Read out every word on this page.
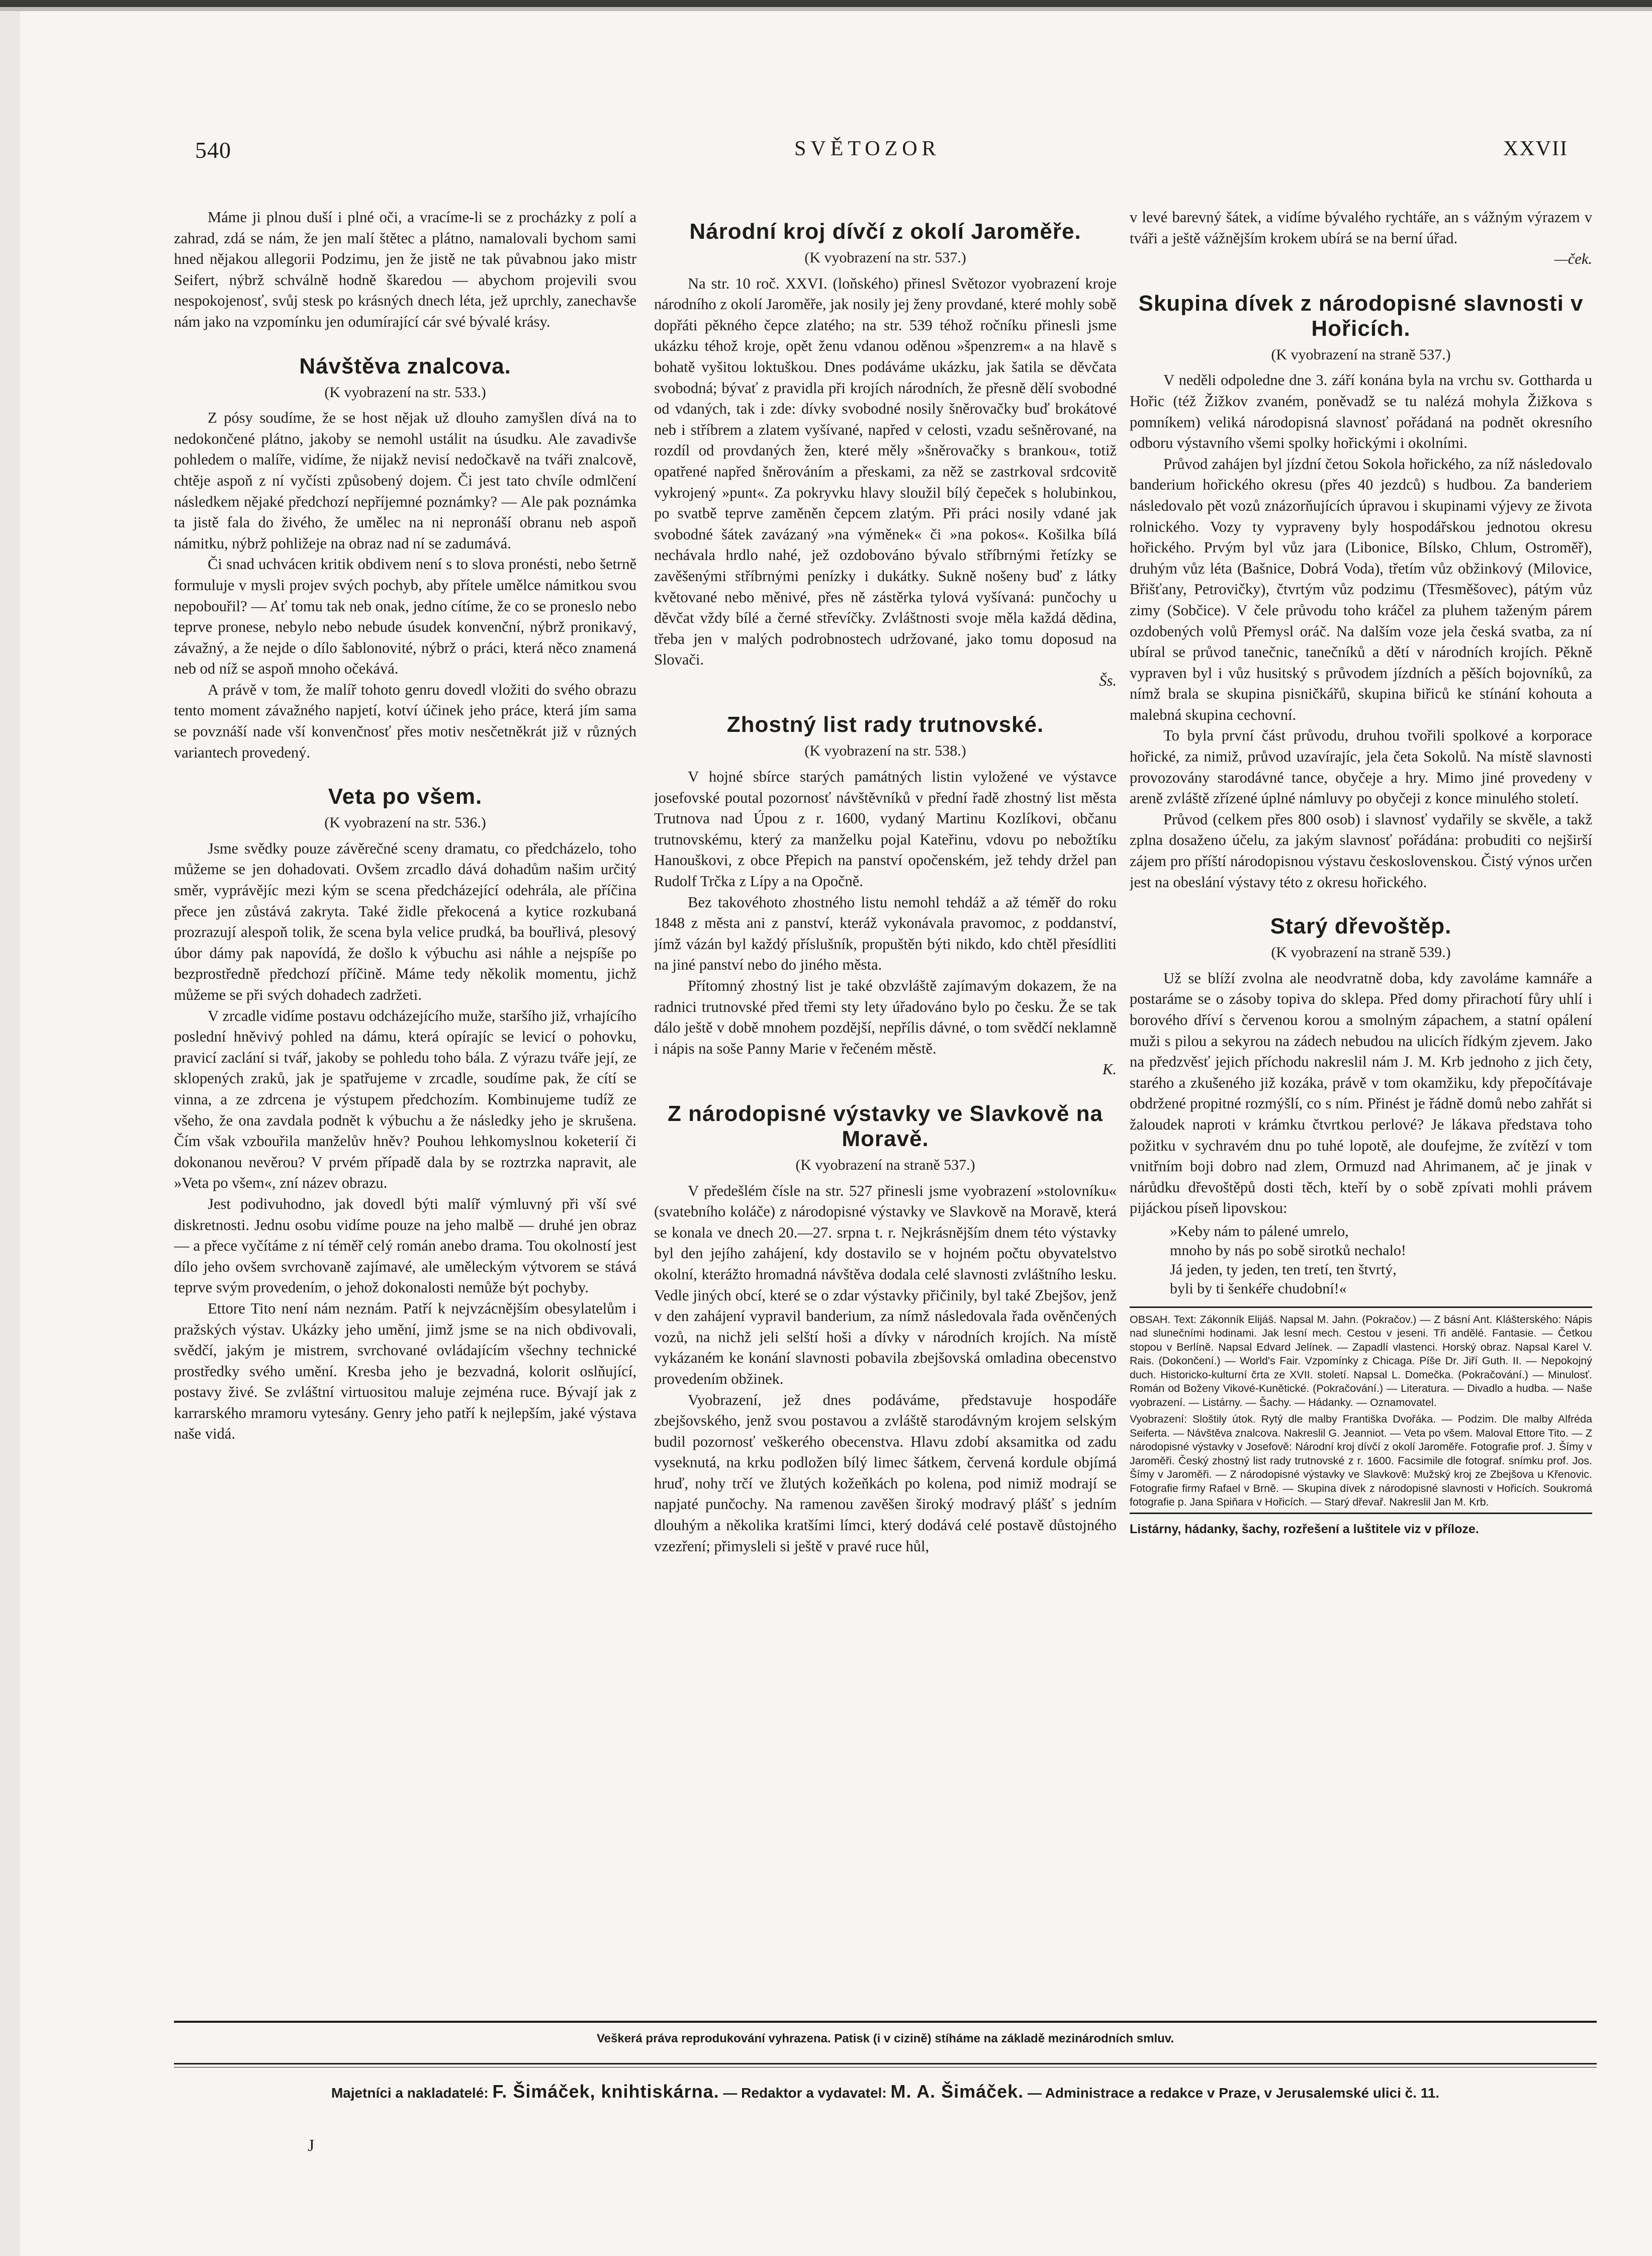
540	SVĚTOZOR	XXVII

Máme ji plnou duší i plné oči, a vracíme-li se z procházky z polí a zahrad, zdá se nám, že jen malí štětec a plátno, namalovali bychom sami hned nějakou allegorii Podzimu, jen že jistě ne tak půvabnou jako mistr Seifert, nýbrž schválně hodně škaredou — abychom projevili svou nespokojenosť, svůj stesk po krásných dnech léta, jež uprchly, zanechavše nám jako na vzpomínku jen odumírající cár své bývalé krásy.

Návštěva znalcova.
(K vyobrazení na str. 533.)

Z pósy soudíme, že se host nějak už dlouho zamyšlen dívá na to nedokončené plátno, jakoby se nemohl ustálit na úsudku. Ale zavadivše pohledem o malíře, vidíme, že nijakž nevisí nedočkavě na tváři znalcově, chtěje aspoň z ní vyčísti způsobený dojem. Či jest tato chvíle odmlčení následkem nějaké předchozí nepříjemné poznámky? — Ale pak poznámka ta jistě fala do živého, že umělec na ni nepronáší obranu neb aspoň námitku, nýbrž pohližeje na obraz nad ní se zadumává.

Či snad uchvácen kritik obdivem není s to slova pronésti, nebo šetrně formuluje v mysli projev svých pochyb, aby přítele umělce námitkou svou nepobouřil? — Ať tomu tak neb onak, jedno cítíme, že co se proneslo nebo teprve pronese, nebylo nebo nebude úsudek konvenční, nýbrž pronikavý, závažný, a že nejde o dílo šablonovité, nýbrž o práci, která něco znamená neb od níž se aspoň mnoho očekává.

A právě v tom, že malíř tohoto genru dovedl vložiti do svého obrazu tento moment závažného napjetí, kotví účinek jeho práce, která jím sama se povznáší nade vší konvenčnosť přes motiv nesčetněkrát již v různých variantech provedený.

Veta po všem.
(K vyobrazení na str. 536.)

Jsme svědky pouze závěrečné sceny dramatu, co předcházelo, toho můžeme se jen dohadovati. Ovšem zrcadlo dává dohadům našim určitý směr, vyprávějíc mezi kým se scena předcházející odehrála, ale příčina přece jen zůstává zakryta. Také židle překocená a kytice rozkubaná prozrazují alespoň tolik, že scena byla velice prudká, ba bouřlivá, plesový úbor dámy pak napovídá, že došlo k výbuchu asi náhle a nejspíše po bezprostředně předchozí příčině. Máme tedy několik momentu, jichž můžeme se při svých dohadech zadržeti.

V zrcadle vidíme postavu odcházejícího muže, staršího již, vrhajícího poslední hněvivý pohled na dámu, která opírajíc se levicí o pohovku, pravicí zaclání si tvář, jakoby se pohledu toho bála. Z výrazu tváře její, ze sklopených zraků, jak je spatřujeme v zrcadle, soudíme pak, že cítí se vinna, a ze zdrcena je výstupem předchozím. Kombinujeme tudíž ze všeho, že ona zavdala podnět k výbuchu a že následky jeho je skrušena. Čím však vzbouřila manželův hněv? Pouhou lehkomyslnou koketerií či dokonanou nevěrou? V prvém případě dala by se roztrzka napravit, ale »Veta po všem«, zní název obrazu.

Jest podivuhodno, jak dovedl býti malíř výmluvný při vší své diskretnosti. Jednu osobu vidíme pouze na jeho malbě — druhé jen obraz — a přece vyčítáme z ní téměř celý román anebo drama. Tou okolností jest dílo jeho ovšem svrchovaně zajímavé, ale uměleckým výtvorem se stává teprve svým provedením, o jehož dokonalosti nemůže být pochyby.

Ettore Tito není nám neznám. Patří k nejvzácnějším obesylatelům i pražských výstav. Ukázky jeho umění, jimž jsme se na nich obdivovali, svědčí, jakým je mistrem, svrchované ovládajícím všechny technické prostředky svého umění. Kresba jeho je bezvadná, kolorit oslňující, postavy živé. Se zvláštní virtuositou maluje zejména ruce. Bývají jak z karrarského mramoru vytesány. Genry jeho patří k nejlepším, jaké výstava naše vidá.

Národní kroj dívčí z okolí Jaroměře.
(K vyobrazení na str. 537.)

Na str. 10 roč. XXVI. (loňského) přinesl Světozor vyobrazení kroje národního z okolí Jaroměře, jak nosily jej ženy provdané, které mohly sobě dopřáti pěkného čepce zlatého; na str. 539 téhož ročníku přinesli jsme ukázku téhož kroje, opět ženu vdanou oděnou »špenzrem« a na hlavě s bohatě vyšitou loktuškou. Dnes podáváme ukázku, jak šatila se děvčata svobodná; bývať z pravidla při krojích národních, že přesně dělí svobodné od vdaných, tak i zde: dívky svobodné nosily šněrovačky buď brokátové neb i stříbrem a zlatem vyšívané, napřed v celosti, vzadu sešněrované, na rozdíl od provdaných žen, které měly »šněrovačky s brankou«, totiž opatřené napřed šněrováním a přeskami, za něž se zastrkoval srdcovitě vykrojený »punt«. Za pokryvku hlavy sloužil bílý čepeček s holubinkou, po svatbě teprve zaměněn čepcem zlatým. Při práci nosily vdané jak svobodné šátek zavázaný »na výměnek« či »na pokos«. Košilka bílá nechávala hrdlo nahé, jež ozdobováno bývalo stříbrnými řetízky se zavěšenými stříbrnými penízky i dukátky. Sukně nošeny buď z látky květované nebo měnivé, přes ně zástěrka tylová vyšívaná: punčochy u děvčat vždy bílé a černé střevíčky. Zvláštnosti svoje měla každá dědina, třeba jen v malých podrobnostech udržované, jako tomu doposud na Slovači.

Šs.
Zhostný list rady trutnovské.
(K vyobrazení na str. 538.)

V hojné sbírce starých památných listin vyložené ve výstavce josefovské poutal pozornosť návštěvníků v přední řadě zhostný list města Trutnova nad Úpou z r. 1600, vydaný Martinu Kozlíkovi, občanu trutnovskému, který za manželku pojal Kateřinu, vdovu po nebožtíku Hanouškovi, z obce Přepich na panství opočenském, jež tehdy držel pan Rudolf Trčka z Lípy a na Opočně.

Bez takovéhoto zhostného listu nemohl tehdáž a až téměř do roku 1848 z města ani z panství, kteráž vykonávala pravomoc, z poddanství, jímž vázán byl každý příslušník, propuštěn býti nikdo, kdo chtěl přesídliti na jiné panství nebo do jiného města.

Přítomný zhostný list je také obzvláště zajímavým dokazem, že na radnici trutnovské před třemi sty lety úřadováno bylo po česku. Že se tak dálo ještě v době mnohem pozdější, nepřílis dávné, o tom svědčí neklamně i nápis na soše Panny Marie v řečeném městě.

K.
Z národopisné výstavky ve Slavkově na Moravě.
(K vyobrazení na straně 537.)

V předešlém čísle na str. 527 přinesli jsme vyobrazení »stolovníku« (svatebního koláče) z národopisné výstavky ve Slavkově na Moravě, která se konala ve dnech 20.—27. srpna t. r. Nejkrásnějším dnem této výstavky byl den jejího zahájení, kdy dostavilo se v hojném počtu obyvatelstvo okolní, kterážto hromadná návštěva dodala celé slavnosti zvláštního lesku. Vedle jiných obcí, které se o zdar výstavky přičinily, byl také Zbejšov, jenž v den zahájení vypravil banderium, za nímž následovala řada ověnčených vozů, na nichž jeli selští hoši a dívky v národních krojích. Na místě vykázaném ke konání slavnosti pobavila zbejšovská omladina obecenstvo provedením obžinek.

Vyobrazení, jež dnes podáváme, představuje hospodáře zbejšovského, jenž svou postavou a zvláště starodávným krojem selským budil pozornosť veškerého obecenstva. Hlavu zdobí aksamitka od zadu vyseknutá, na krku podložen bílý limec šátkem, červená kordule objímá hruď, nohy trčí ve žlutých kožeňkách po kolena, pod nimiž modrají se napjaté punčochy. Na ramenou zavěšen široký modravý plášť s jedním dlouhým a několika kratšími límci, který dodává celé postavě důstojného vzezření; přimysleli si ještě v pravé ruce hůl,

v levé barevný šátek, a vidíme bývalého rychtáře, an s vážným výrazem v tváři a ještě vážnějším krokem ubírá se na berní úřad.

—ček.
Skupina dívek z národopisné slavnosti v Hořicích.
(K vyobrazení na straně 537.)

V neděli odpoledne dne 3. září konána byla na vrchu sv. Gottharda u Hořic (též Žižkov zvaném, poněvadž se tu nalézá mohyla Žižkova s pomníkem) veliká národopisná slavnosť pořádaná na podnět okresního odboru výstavního všemi spolky hořickými i okolními.

Průvod zahájen byl jízdní četou Sokola hořického, za níž následovalo banderium hořického okresu (přes 40 jezdců) s hudbou. Za banderiem následovalo pět vozů znázorňujících úpravou i skupinami výjevy ze života rolnického. Vozy ty vypraveny byly hospodářskou jednotou okresu hořického. Prvým byl vůz jara (Libonice, Bílsko, Chlum, Ostroměř), druhým vůz léta (Bašnice, Dobrá Voda), třetím vůz obžinkový (Milovice, Břišťany, Petrovičky), čtvrtým vůz podzimu (Třesměšovec), pátým vůz zimy (Sobčice). V čele průvodu toho kráčel za pluhem taženým párem ozdobených volů Přemysl oráč. Na dalším voze jela česká svatba, za ní ubíral se průvod tanečnic, tanečníků a dětí v národních krojích. Pěkně vypraven byl i vůz husitský s průvodem jízdních a pěších bojovníků, za nímž brala se skupina pisničkářů, skupina biřiců ke stínání kohouta a malebná skupina cechovní.

To byla první část průvodu, druhou tvořili spolkové a korporace hořické, za nimiž, průvod uzavírajíc, jela četa Sokolů. Na místě slavnosti provozovány starodávné tance, obyčeje a hry. Mimo jiné provedeny v areně zvláště zřízené úplné námluvy po obyčeji z konce minulého století.

Průvod (celkem přes 800 osob) i slavnosť vydařily se skvěle, a takž zplna dosaženo účelu, za jakým slavnosť pořádána: probuditi co nejširší zájem pro příští národopisnou výstavu československou. Čistý výnos určen jest na obeslání výstavy této z okresu hořického.

Starý dřevoštěp.
(K vyobrazení na straně 539.)

Už se blíží zvolna ale neodvratně doba, kdy zavoláme kamnáře a postaráme se o zásoby topiva do sklepa. Před domy přirachotí fůry uhlí i borového dříví s červenou korou a smolným zápachem, a statní opálení muži s pilou a sekyrou na zádech nebudou na ulicích řídkým zjevem. Jako na předzvěsť jejich příchodu nakreslil nám J. M. Krb jednoho z jich čety, starého a zkušeného již kozáka, právě v tom okamžiku, kdy přepočítávaje obdržené propitné rozmýšlí, co s ním. Přinést je řádně domů nebo zahřát si žaloudek naproti v krámku čtvrtkou perlové? Je lákava představa toho požitku v sychravém dnu po tuhé lopotě, ale doufejme, že zvítězí v tom vnitřním boji dobro nad zlem, Ormuzd nad Ahrimanem, ač je jinak v nárůdku dřevoštěpů dosti těch, kteří by o sobě zpívati mohli právem pijáckou píseň lipovskou:

»Keby nám to pálené umrelo,
mnoho by nás po sobě sirotků nechalo!
Já jeden, ty jeden, ten tretí, ten štvrtý,
byli by ti šenkéře chudobní!«

OBSAH. Text: Zákonník Elijáš. Napsal M. Jahn. (Pokračov.) — Z básní Ant. Klášterského: Nápis nad slunečními hodinami. Jak lesní mech. Cestou v jeseni. Tři andělé. Fantasie. — Četkou stopou v Berlíně. Napsal Edvard Jelínek. — Zapadlí vlastenci. Horský obraz. Napsal Karel V. Rais. (Dokončení.) — World's Fair. Vzpomínky z Chicaga. Píše Dr. Jiří Guth. II. — Nepokojný duch. Historicko-kulturní črta ze XVII. století. Napsal L. Domečka. (Pokračování.) — Minulosť. Román od Boženy Vikové-Kunětické. (Pokračování.) — Literatura. — Divadlo a hudba. — Naše vyobrazení. — Listárny. — Šachy. — Hádanky. — Oznamovatel.

Vyobrazení: Sloštily útok. Rytý dle malby Františka Dvořáka. — Podzim. Dle malby Alfréda Seiferta. — Návštěva znalcova. Nakreslil G. Jeanniot. — Veta po všem. Maloval Ettore Tito. — Z národopisné výstavky v Josefově: Národní kroj dívčí z okolí Jaroměře. Fotografie prof. J. Šímy v Jaroměři. Český zhostný list rady trutnovské z r. 1600. Facsimile dle fotograf. snímku prof. Jos. Šímy v Jaroměři. — Z národopisné výstavky ve Slavkově: Mužský kroj ze Zbejšova u Křenovic. Fotografie firmy Rafael v Brně. — Skupina dívek z národopisné slavnosti v Hořicích. Soukromá fotografie p. Jana Spiňara v Hořicích. — Starý dřevař. Nakreslil Jan M. Krb.

Listárny, hádanky, šachy, rozřešení a luštitele viz v příloze.

Veškerá práva reprodukování vyhrazena. Patisk (i v cizině) stíháme na základě mezinárodních smluv.
Majetníci a nakladatelé: F. Šimáček, knihtiskárna. — Redaktor a vydavatel: M. A. Šimáček. — Administrace a redakce v Praze, v Jerusalemské ulici č. 11.
J
